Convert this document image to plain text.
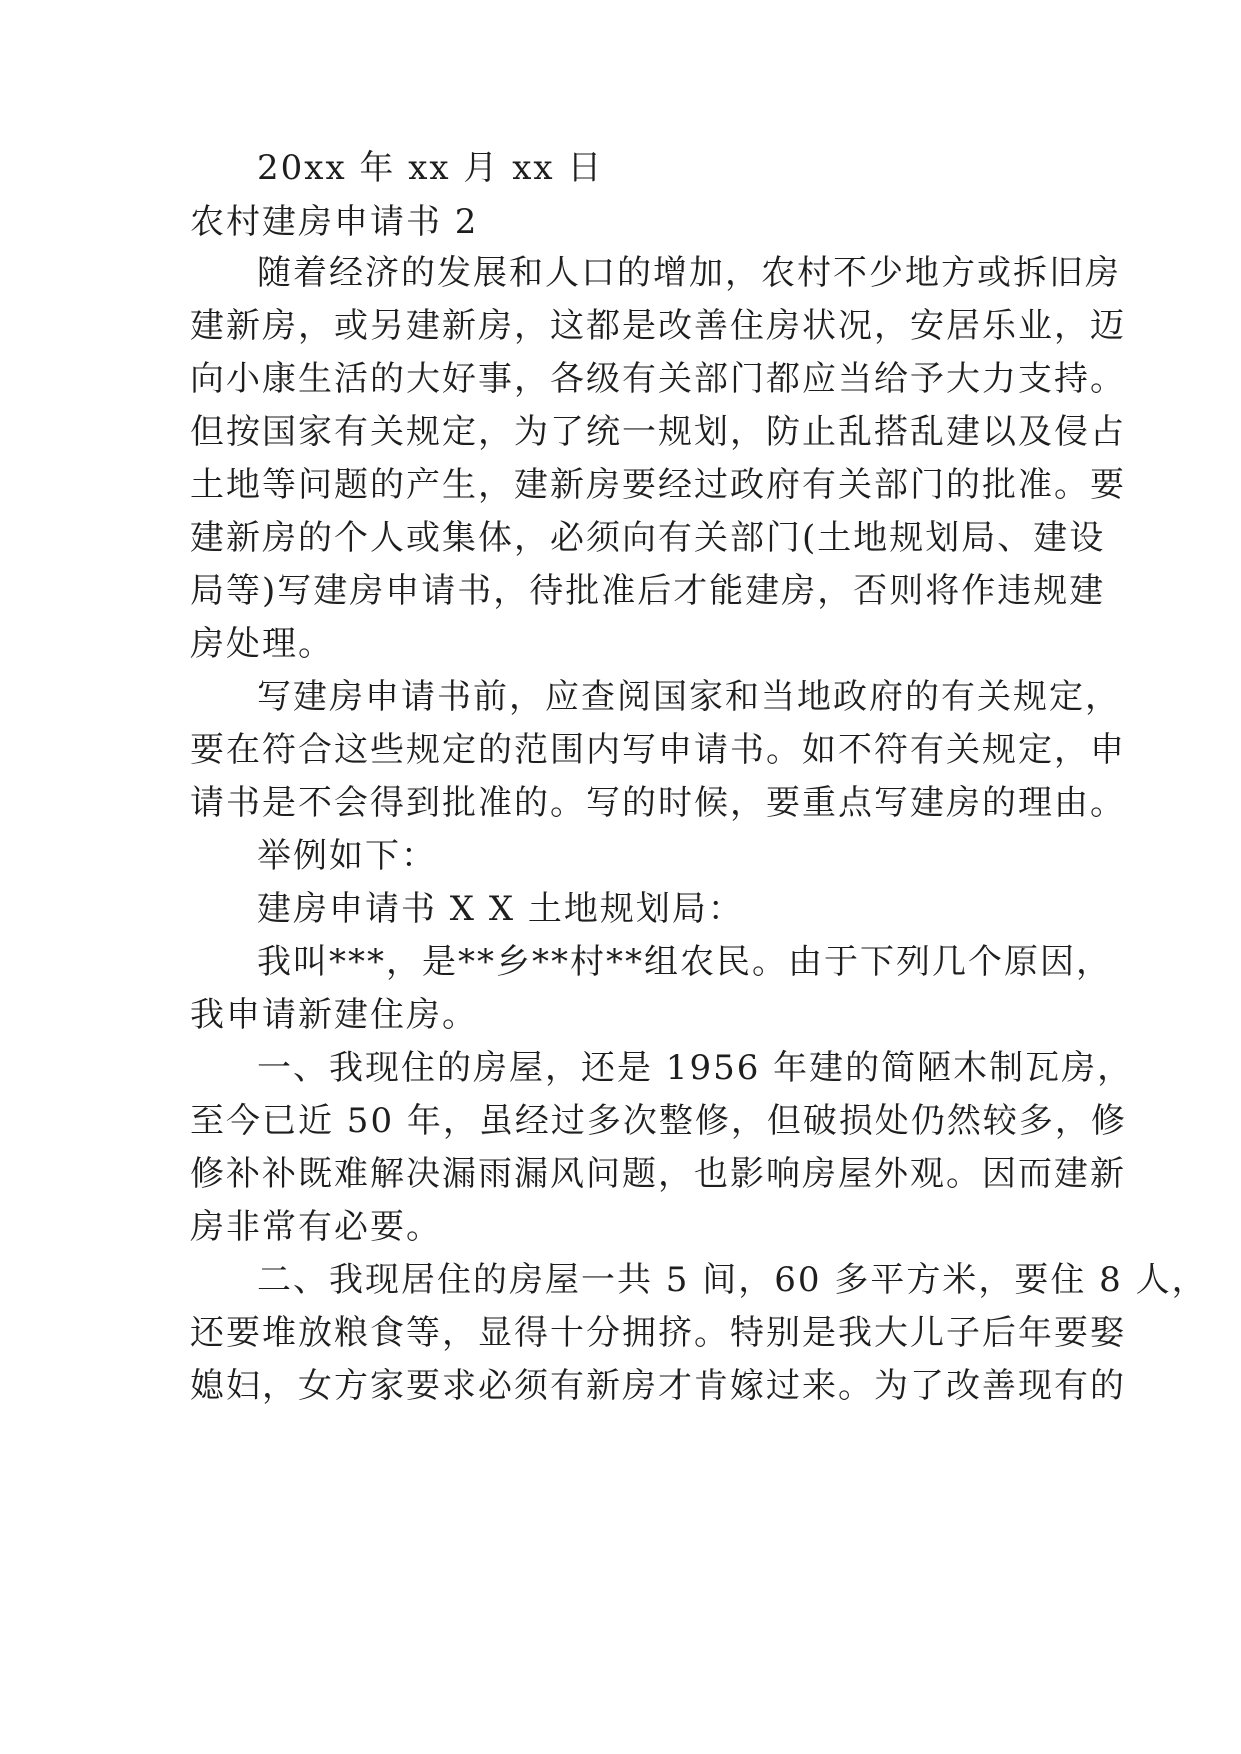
20xx 年 xx 月 xx 日
农村建房申请书 2
随着经济的发展和人口的增加，农村不少地方或拆旧房
建新房，或另建新房，这都是改善住房状况，安居乐业，迈
向小康生活的大好事，各级有关部门都应当给予大力支持。
但按国家有关规定，为了统一规划，防止乱搭乱建以及侵占
土地等问题的产生，建新房要经过政府有关部门的批准。要
建新房的个人或集体，必须向有关部门(土地规划局、建设
局等)写建房申请书，待批准后才能建房，否则将作违规建
房处理。
写建房申请书前，应查阅国家和当地政府的有关规定，
要在符合这些规定的范围内写申请书。如不符有关规定，申
请书是不会得到批准的。写的时候，要重点写建房的理由。
举例如下：
建房申请书 X X 土地规划局：
我叫***，是**乡**村**组农民。由于下列几个原因，
我申请新建住房。
一、我现住的房屋，还是 1956 年建的简陋木制瓦房，
至今已近 50 年，虽经过多次整修，但破损处仍然较多，修
修补补既难解决漏雨漏风问题，也影响房屋外观。因而建新
房非常有必要。
二、我现居住的房屋一共 5 间，60 多平方米，要住 8 人，
还要堆放粮食等，显得十分拥挤。特别是我大儿子后年要娶
媳妇，女方家要求必须有新房才肯嫁过来。为了改善现有的
